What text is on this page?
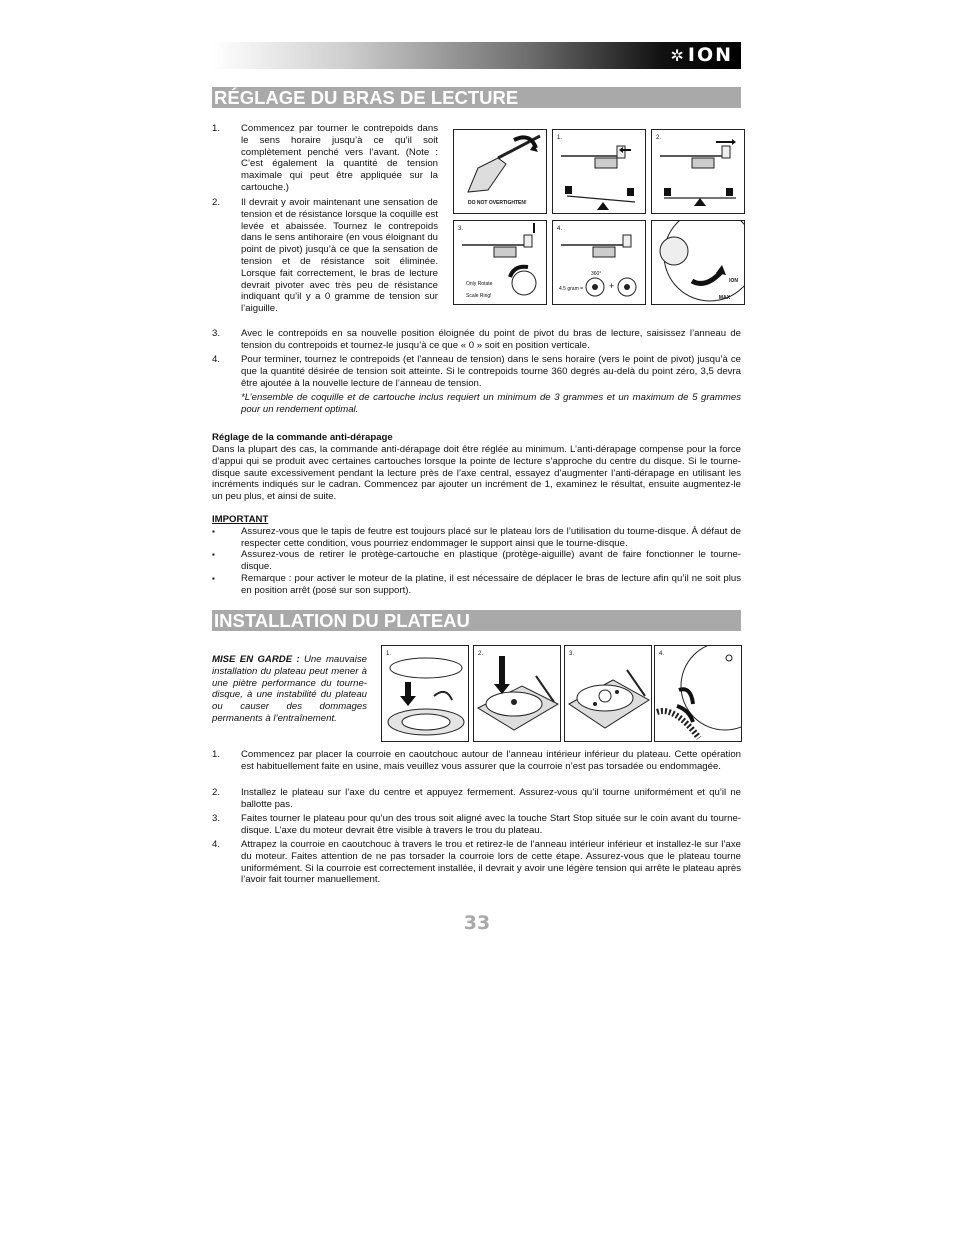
✲ ION
RÉGLAGE DU BRAS DE LECTURE
1. Commencez par tourner le contrepoids dans le sens horaire jusqu’à ce qu’il soit complètement penché vers l’avant. (Note : C’est également la quantité de tension maximale qui peut être appliquée sur la cartouche.)
2. Il devrait y avoir maintenant une sensation de tension et de résistance lorsque la coquille est levée et abaissée. Tournez le contrepoids dans le sens antihoraire (en vous éloignant du point de pivot) jusqu’à ce que la sensation de tension et de résistance soit éliminée. Lorsque fait correctement, le bras de lecture devrait pivoter avec très peu de résistance indiquant qu’il y a 0 gramme de tension sur l’aiguille.
DO NOT OVERTIGHTEN!
1.	2.
3.
Only Rotate Scale Ring!
4.
360°
4.5 gram =	+	ION
MAX
3. Avec le contrepoids en sa nouvelle position éloignée du point de pivot du bras de lecture, saisissez l’anneau de tension du contrepoids et tournez-le jusqu’à ce que « 0 » soit en position verticale.
4. Pour terminer, tournez le contrepoids (et l’anneau de tension) dans le sens horaire (vers le point de pivot) jusqu’à ce que la quantité désirée de tension soit atteinte. Si le contrepoids tourne 360 degrés au-delà du point zéro, 3,5 devra être ajoutée à la nouvelle lecture de l’anneau de tension.
*L’ensemble de coquille et de cartouche inclus requiert un minimum de 3 grammes et un maximum de 5 grammes pour un rendement optimal.
Réglage de la commande anti-dérapage
Dans la plupart des cas, la commande anti-dérapage doit être réglée au minimum. L’anti-dérapage compense pour la force d’appui qui se produit avec certaines cartouches lorsque la pointe de lecture s’approche du centre du disque. Si le tourne-disque saute excessivement pendant la lecture près de l’axe central, essayez d’augmenter l’anti-dérapage en utilisant les incréments indiqués sur le cadran. Commencez par ajouter un incrément de 1, examinez le résultat, ensuite augmentez-le un peu plus, et ainsi de suite.
IMPORTANT
▪	Assurez-vous que le tapis de feutre est toujours placé sur le plateau lors de l’utilisation du tourne-disque. À défaut de respecter cette condition, vous pourriez endommager le support ainsi que le tourne-disque.
▪	Assurez-vous de retirer le protège-cartouche en plastique (protège-aiguille) avant de faire fonctionner le tourne-disque.
▪	Remarque : pour activer le moteur de la platine, il est nécessaire de déplacer le bras de lecture afin qu’il ne soit plus en position arrêt (posé sur son support).
INSTALLATION DU PLATEAU
MISE EN GARDE : Une mauvaise installation du plateau peut mener à une piètre performance du tourne-disque, à une instabilité du plateau ou causer des dommages permanents à l’entraînement.
1.	2.	3.	4.
1. Commencez par placer la courroie en caoutchouc autour de l’anneau intérieur inférieur du plateau. Cette opération est habituellement faite en usine, mais veuillez vous assurer que la courroie n’est pas torsadée ou endommagée.
2. Installez le plateau sur l’axe du centre et appuyez fermement. Assurez-vous qu’il tourne uniformément et qu’il ne ballotte pas.
3. Faites tourner le plateau pour qu’un des trous soit aligné avec la touche Start Stop située sur le coin avant du tourne-disque. L’axe du moteur devrait être visible à travers le trou du plateau.
4. Attrapez la courroie en caoutchouc à travers le trou et retirez-le de l’anneau intérieur inférieur et installez-le sur l’axe du moteur. Faites attention de ne pas torsader la courroie lors de cette étape. Assurez-vous que le plateau tourne uniformément. Si la courroie est correctement installée, il devrait y avoir une légère tension qui arrête le plateau après l’avoir fait tourner manuellement.
33
